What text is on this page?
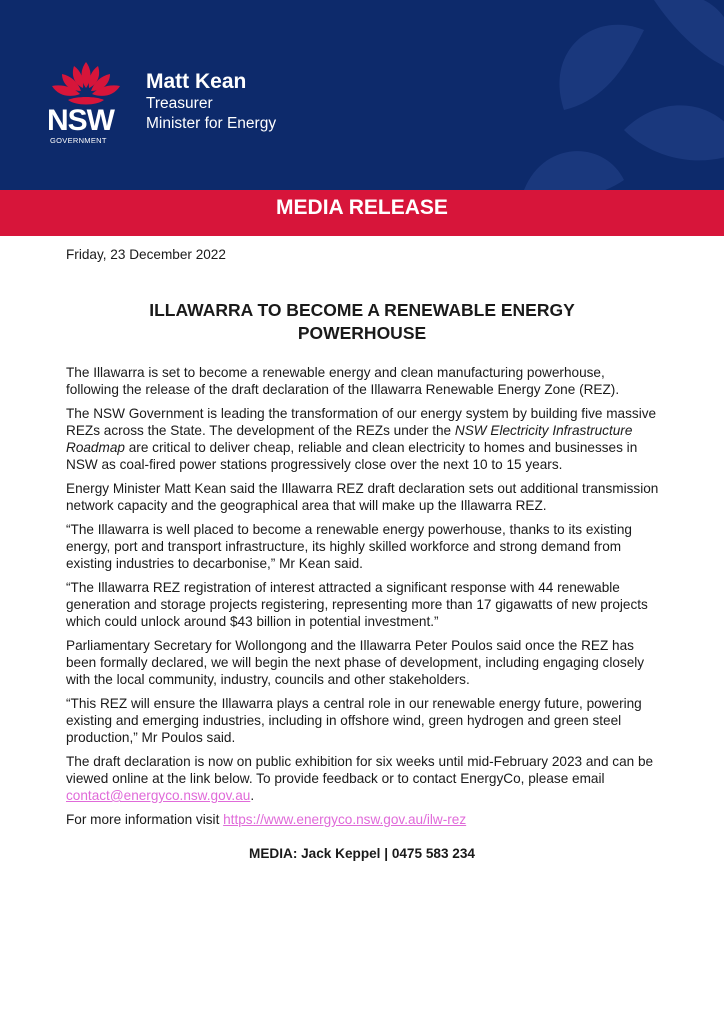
NSW
GOVERNMENT
Matt Kean
Treasurer
Minister for Energy
MEDIA RELEASE
Friday, 23 December 2022
ILLAWARRA TO BECOME A RENEWABLE ENERGY
POWERHOUSE

The Illawarra is set to become a renewable energy and clean manufacturing powerhouse, following the release of the draft declaration of the Illawarra Renewable Energy Zone (REZ).

The NSW Government is leading the transformation of our energy system by building five massive REZs across the State. The development of the REZs under the NSW Electricity Infrastructure Roadmap are critical to deliver cheap, reliable and clean electricity to homes and businesses in NSW as coal-fired power stations progressively close over the next 10 to 15 years.

Energy Minister Matt Kean said the Illawarra REZ draft declaration sets out additional transmission network capacity and the geographical area that will make up the Illawarra REZ.

“The Illawarra is well placed to become a renewable energy powerhouse, thanks to its existing energy, port and transport infrastructure, its highly skilled workforce and strong demand from existing industries to decarbonise,” Mr Kean said.

“The Illawarra REZ registration of interest attracted a significant response with 44 renewable generation and storage projects registering, representing more than 17 gigawatts of new projects which could unlock around $43 billion in potential investment.”

Parliamentary Secretary for Wollongong and the Illawarra Peter Poulos said once the REZ has been formally declared, we will begin the next phase of development, including engaging closely with the local community, industry, councils and other stakeholders.

“This REZ will ensure the Illawarra plays a central role in our renewable energy future, powering existing and emerging industries, including in offshore wind, green hydrogen and green steel production,” Mr Poulos said.

The draft declaration is now on public exhibition for six weeks until mid-February 2023 and can be viewed online at the link below. To provide feedback or to contact EnergyCo, please email contact@energyco.nsw.gov.au.

For more information visit https://www.energyco.nsw.gov.au/ilw-rez

MEDIA: Jack Keppel | 0475 583 234
